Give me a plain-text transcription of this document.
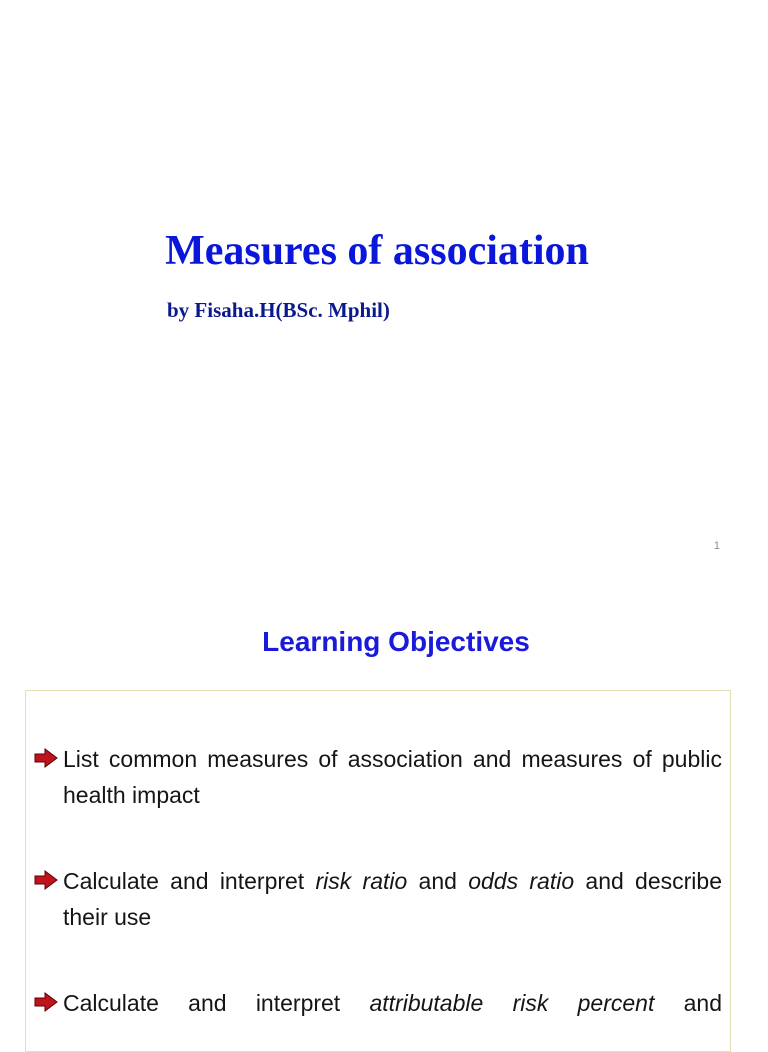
Measures of association
by Fisaha.H(BSc. Mphil)
1
Learning Objectives
List common measures of association and measures of public health impact
Calculate and interpret risk ratio and odds ratio and describe their use
Calculate and interpret attributable risk percent and
